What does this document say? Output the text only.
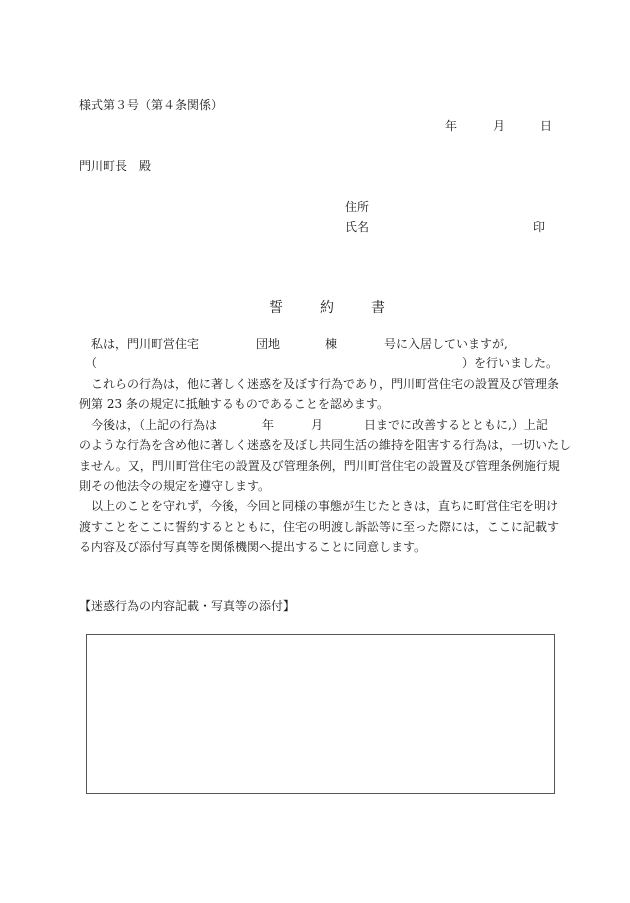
様式第３号（第４条関係）
年	月	日
門川町長　殿
住所
氏名	印
誓	約	書
私は，門川町営住宅	団地	棟	号に入居していますが,
（	）を行いました。
これらの行為は，他に著しく迷惑を及ぼす行為であり，門川町営住宅の設置及び管理条
例第 23 条の規定に抵触するものであることを認めます。
今後は，（上記の行為は	年	月	日までに改善するとともに,）上記
のような行為を含め他に著しく迷惑を及ぼし共同生活の維持を阻害する行為は，一切いたし
ません。又，門川町営住宅の設置及び管理条例，門川町営住宅の設置及び管理条例施行規
則その他法令の規定を遵守します。
以上のことを守れず，今後，今回と同様の事態が生じたときは，直ちに町営住宅を明け
渡すことをここに誓約するとともに，住宅の明渡し訴訟等に至った際には，ここに記載す
る内容及び添付写真等を関係機関へ提出することに同意します。
【迷惑行為の内容記載・写真等の添付】
